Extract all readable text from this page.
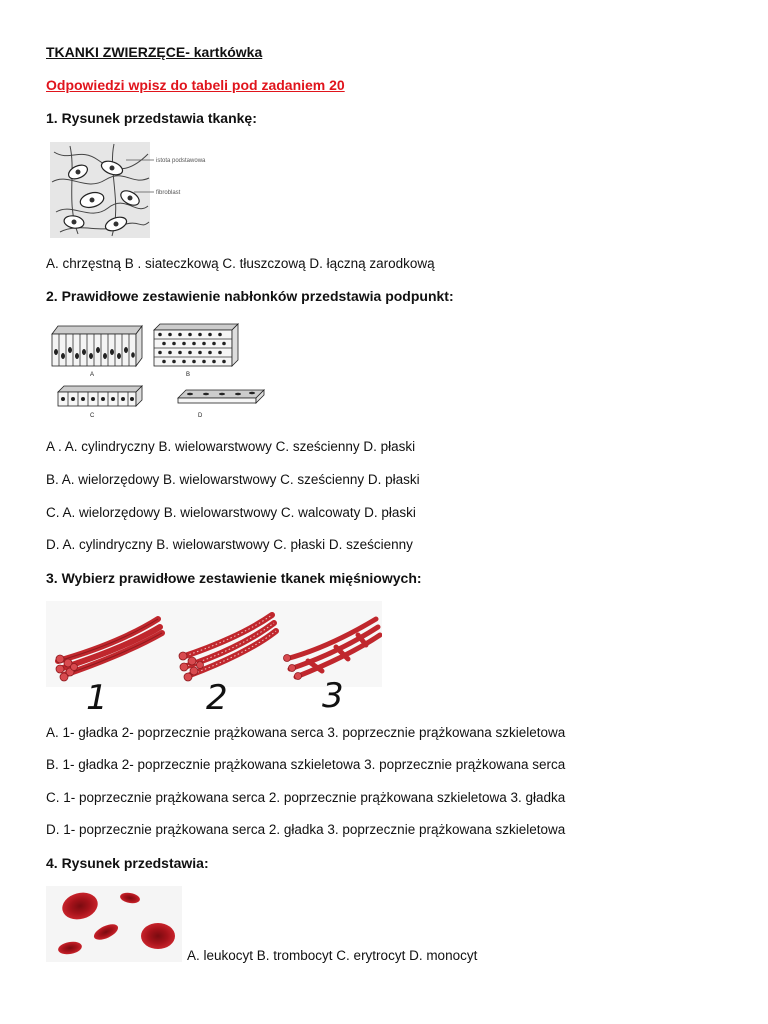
TKANKI ZWIERZĘCE- kartkówka
Odpowiedzi wpisz do tabeli pod zadaniem 20
1. Rysunek przedstawia tkankę:
istota podstawowa
fibroblast
A. chrzęstną B . siateczkową C. tłuszczową D. łączną zarodkową
2. Prawidłowe zestawienie nabłonków przedstawia podpunkt:
A	B
C	D
A . A. cylindryczny B. wielowarstwowy C. sześcienny D. płaski
B. A. wielorzędowy B. wielowarstwowy C. sześcienny D. płaski
C. A. wielorzędowy B. wielowarstwowy C. walcowaty D. płaski
D. A. cylindryczny B. wielowarstwowy C. płaski D. sześcienny
3. Wybierz prawidłowe zestawienie tkanek mięśniowych:
1	2	3
A. 1- gładka 2- poprzecznie prążkowana serca 3. poprzecznie prążkowana szkieletowa
B. 1- gładka 2- poprzecznie prążkowana szkieletowa 3. poprzecznie prążkowana serca
C. 1- poprzecznie prążkowana serca 2. poprzecznie prążkowana szkieletowa 3. gładka
D. 1- poprzecznie prążkowana serca 2. gładka 3. poprzecznie prążkowana szkieletowa
4. Rysunek przedstawia:
A. leukocyt B. trombocyt C. erytrocyt D. monocyt
